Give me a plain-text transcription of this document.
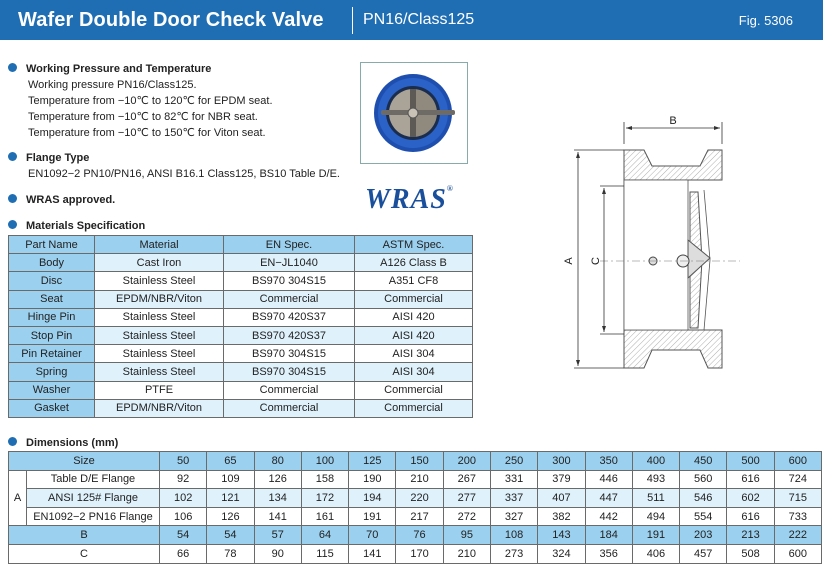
Wafer Double Door Check Valve PN16/Class125	Fig. 5306
Working Pressure and Temperature
Working pressure PN16/Class125.
Temperature from −10℃ to 120℃ for EPDM seat.
Temperature from −10℃ to 82℃ for NBR seat.
Temperature from −10℃ to 150℃ for Viton seat.
Flange Type
EN1092−2 PN10/PN16, ANSI B16.1 Class125, BS10 Table D/E.
WRAS approved.
Materials Specification
Part Name	Material	EN Spec.	ASTM Spec.
Body	Cast Iron	EN−JL1040	A126 Class B
Disc	Stainless Steel	BS970 304S15	A351 CF8
Seat	EPDM/NBR/Viton	Commercial	Commercial
Hinge Pin	Stainless Steel	BS970 420S37	AISI 420
Stop Pin	Stainless Steel	BS970 420S37	AISI 420
Pin Retainer	Stainless Steel	BS970 304S15	AISI 304
Spring	Stainless Steel	BS970 304S15	AISI 304
Washer	PTFE	Commercial	Commercial
Gasket	EPDM/NBR/Viton	Commercial	Commercial
WRAS®
B
A C
Dimensions (mm)
Size		50	65	80	100	125	150	200	250	300	350	400	450	500	600
A	Table D/E Flange	92	109	126	158	190	210	267	331	379	446	493	560	616	724
	ANSI 125# Flange	102	121	134	172	194	220	277	337	407	447	511	546	602	715
	EN1092−2 PN16 Flange	106	126	141	161	191	217	272	327	382	442	494	554	616	733
B		54	54	57	64	70	76	95	108	143	184	191	203	213	222
C		66	78	90	115	141	170	210	273	324	356	406	457	508	600
